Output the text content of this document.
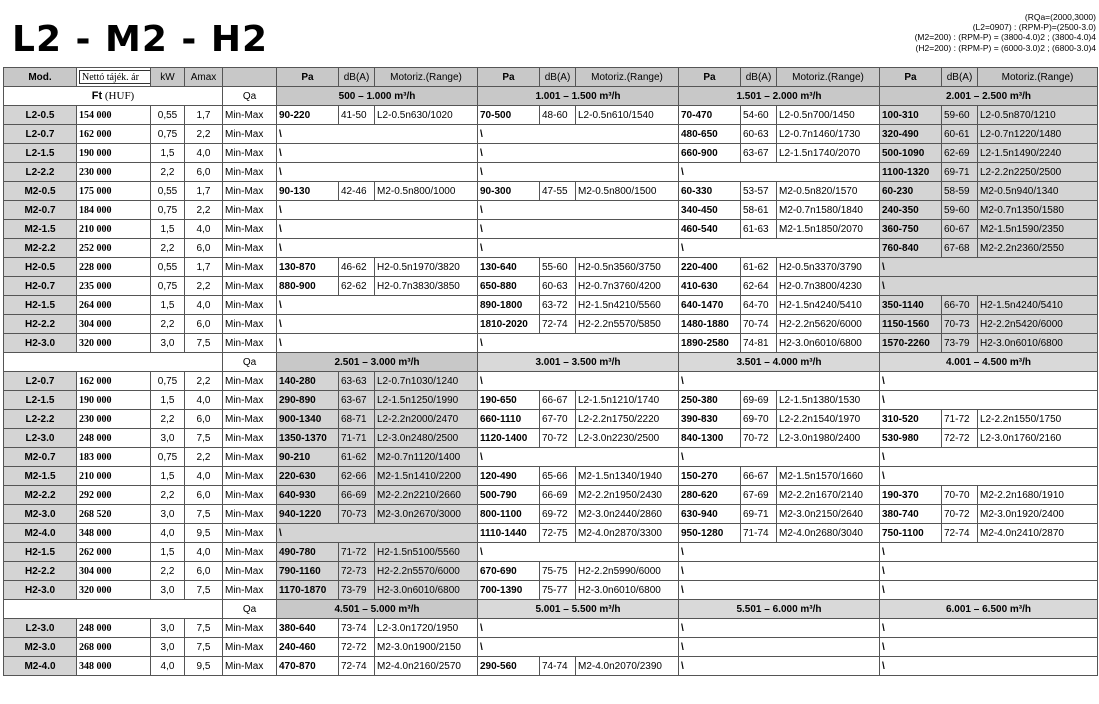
L2 - M2 - H2
(RQa=(2000,3000)
(L2=0907) : (RPM-P)=(2500-3.0)
(M2=200) : (RPM-P) = (3800-4.0)2 ; (3800-4.0)4
(H2=200) : (RPM-P) = (6000-3.0)2 ; (6800-3.0)4
Mod.	Nettó tájék. ár	kW	Amax		Pa	dB(A)	Motoriz.(Range)	Pa	dB(A)	Motoriz.(Range)	Pa	dB(A)	Motoriz.(Range)	Pa	dB(A)	Motoriz.(Range)
Ft (HUF)				Qa	500 – 1.000 m³/h			1.001 – 1.500 m³/h			1.501 – 2.000 m³/h			2.001 – 2.500 m³/h		
L2-0.5	154 000	0,55	1,7	Min-Max	90-220	41-50	L2-0.5n630/1020	70-500	48-60	L2-0.5n610/1540	70-470	54-60	L2-0.5n700/1450	100-310	59-60	L2-0.5n870/1210
L2-0.7	162 000	0,75	2,2	Min-Max	\			\			480-650	60-63	L2-0.7n1460/1730	320-490	60-61	L2-0.7n1220/1480
L2-1.5	190 000	1,5	4,0	Min-Max	\			\			660-900	63-67	L2-1.5n1740/2070	500-1090	62-69	L2-1.5n1490/2240
L2-2.2	230 000	2,2	6,0	Min-Max	\			\			\			1100-1320	69-71	L2-2.2n2250/2500
M2-0.5	175 000	0,55	1,7	Min-Max	90-130	42-46	M2-0.5n800/1000	90-300	47-55	M2-0.5n800/1500	60-330	53-57	M2-0.5n820/1570	60-230	58-59	M2-0.5n940/1340
M2-0.7	184 000	0,75	2,2	Min-Max	\			\			340-450	58-61	M2-0.7n1580/1840	240-350	59-60	M2-0.7n1350/1580
M2-1.5	210 000	1,5	4,0	Min-Max	\			\			460-540	61-63	M2-1.5n1850/2070	360-750	60-67	M2-1.5n1590/2350
M2-2.2	252 000	2,2	6,0	Min-Max	\			\			\			760-840	67-68	M2-2.2n2360/2550
H2-0.5	228 000	0,55	1,7	Min-Max	130-870	46-62	H2-0.5n1970/3820	130-640	55-60	H2-0.5n3560/3750	220-400	61-62	H2-0.5n3370/3790	\		
H2-0.7	235 000	0,75	2,2	Min-Max	880-900	62-62	H2-0.7n3830/3850	650-880	60-63	H2-0.7n3760/4200	410-630	62-64	H2-0.7n3800/4230	\		
H2-1.5	264 000	1,5	4,0	Min-Max	\			890-1800	63-72	H2-1.5n4210/5560	640-1470	64-70	H2-1.5n4240/5410	350-1140	66-70	H2-1.5n4240/5410
H2-2.2	304 000	2,2	6,0	Min-Max	\			1810-2020	72-74	H2-2.2n5570/5850	1480-1880	70-74	H2-2.2n5620/6000	1150-1560	70-73	H2-2.2n5420/6000
H2-3.0	320 000	3,0	7,5	Min-Max	\			\			1890-2580	74-81	H2-3.0n6010/6800	1570-2260	73-79	H2-3.0n6010/6800
				Qa	2.501 – 3.000 m³/h			3.001 – 3.500 m³/h			3.501 – 4.000 m³/h			4.001 – 4.500 m³/h		
L2-0.7	162 000	0,75	2,2	Min-Max	140-280	63-63	L2-0.7n1030/1240	\			\			\		
L2-1.5	190 000	1,5	4,0	Min-Max	290-890	63-67	L2-1.5n1250/1990	190-650	66-67	L2-1.5n1210/1740	250-380	69-69	L2-1.5n1380/1530	\		
L2-2.2	230 000	2,2	6,0	Min-Max	900-1340	68-71	L2-2.2n2000/2470	660-1110	67-70	L2-2.2n1750/2220	390-830	69-70	L2-2.2n1540/1970	310-520	71-72	L2-2.2n1550/1750
L2-3.0	248 000	3,0	7,5	Min-Max	1350-1370	71-71	L2-3.0n2480/2500	1120-1400	70-72	L2-3.0n2230/2500	840-1300	70-72	L2-3.0n1980/2400	530-980	72-72	L2-3.0n1760/2160
M2-0.7	183 000	0,75	2,2	Min-Max	90-210	61-62	M2-0.7n1120/1400	\			\			\		
M2-1.5	210 000	1,5	4,0	Min-Max	220-630	62-66	M2-1.5n1410/2200	120-490	65-66	M2-1.5n1340/1940	150-270	66-67	M2-1.5n1570/1660	\		
M2-2.2	292 000	2,2	6,0	Min-Max	640-930	66-69	M2-2.2n2210/2660	500-790	66-69	M2-2.2n1950/2430	280-620	67-69	M2-2.2n1670/2140	190-370	70-70	M2-2.2n1680/1910
M2-3.0	268 520	3,0	7,5	Min-Max	940-1220	70-73	M2-3.0n2670/3000	800-1100	69-72	M2-3.0n2440/2860	630-940	69-71	M2-3.0n2150/2640	380-740	70-72	M2-3.0n1920/2400
M2-4.0	348 000	4,0	9,5	Min-Max	\			1110-1440	72-75	M2-4.0n2870/3300	950-1280	71-74	M2-4.0n2680/3040	750-1100	72-74	M2-4.0n2410/2870
H2-1.5	262 000	1,5	4,0	Min-Max	490-780	71-72	H2-1.5n5100/5560	\			\			\		
H2-2.2	304 000	2,2	6,0	Min-Max	790-1160	72-73	H2-2.2n5570/6000	670-690	75-75	H2-2.2n5990/6000	\			\		
H2-3.0	320 000	3,0	7,5	Min-Max	1170-1870	73-79	H2-3.0n6010/6800	700-1390	75-77	H2-3.0n6010/6800	\			\		
				Qa	4.501 – 5.000 m³/h			5.001 – 5.500 m³/h			5.501 – 6.000 m³/h			6.001 – 6.500 m³/h		
L2-3.0	248 000	3,0	7,5	Min-Max	380-640	73-74	L2-3.0n1720/1950	\			\			\		
M2-3.0	268 000	3,0	7,5	Min-Max	240-460	72-72	M2-3.0n1900/2150	\			\			\		
M2-4.0	348 000	4,0	9,5	Min-Max	470-870	72-74	M2-4.0n2160/2570	290-560	74-74	M2-4.0n2070/2390	\			\		
